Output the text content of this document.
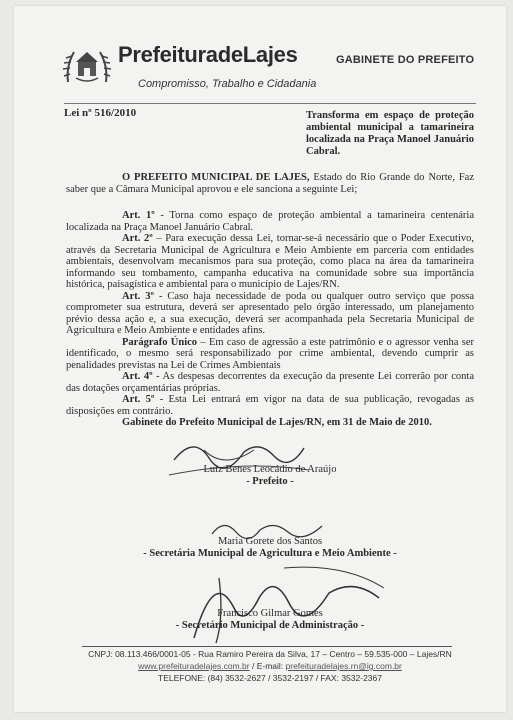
PrefeituradeLajes
Compromisso, Trabalho e Cidadania
GABINETE DO PREFEITO
Lei nº 516/2010	Transforma em espaço de proteção ambiental municipal a tamarineira localizada na Praça Manoel Januário Cabral.

O PREFEITO MUNICIPAL DE LAJES, Estado do Rio Grande do Norte, Faz saber que a Câmara Municipal aprovou e ele sanciona a seguinte Lei;

Art. 1º - Torna como espaço de proteção ambiental a tamarineira centenária localizada na Praça Manoel Januário Cabral.

Art. 2º – Para execução dessa Lei, tornar-se-á necessário que o Poder Executivo, através da Secretaria Municipal de Agricultura e Meio Ambiente em parceria com entidades ambientais, desenvolvam mecanismos para sua proteção, como placa na área da tamarineira informando seu tombamento, campanha educativa na comunidade sobre sua importância histórica, paisagística e ambiental para o município de Lajes/RN.

Art. 3º - Caso haja necessidade de poda ou qualquer outro serviço que possa comprometer sua estrutura, deverá ser apresentado pelo órgão interessado, um planejamento prévio dessa ação e, a sua execução, deverá ser acompanhada pela Secretaria Municipal de Agricultura e Meio Ambiente e entidades afins.

Parágrafo Único – Em caso de agressão a este patrimônio e o agressor venha ser identificado, o mesmo será responsabilizado por crime ambiental, devendo cumprir as penalidades previstas na Lei de Crimes Ambientais

Art. 4º - As despesas decorrentes da execução da presente Lei correrão por conta das dotações orçamentárias próprias.

Art. 5º - Esta Lei entrará em vigor na data de sua publicação, revogadas as disposições em contrário.

Gabinete do Prefeito Municipal de Lajes/RN, em 31 de Maio de 2010.

Luiz Benes Leocádio de Araújo
- Prefeito -
Maria Gorete dos Santos
- Secretária Municipal de Agricultura e Meio Ambiente -
Francisco Gilmar Gomes
- Secretário Municipal de Administração -
CNPJ: 08.113.466/0001-05 - Rua Ramiro Pereira da Silva, 17 – Centro – 59.535-000 – Lajes/RN
www.prefeituradelajes.com.br / E-mail: prefeituradelajes.rn@ig.com.br
TELEFONE: (84) 3532-2627 / 3532-2197 / FAX: 3532-2367
